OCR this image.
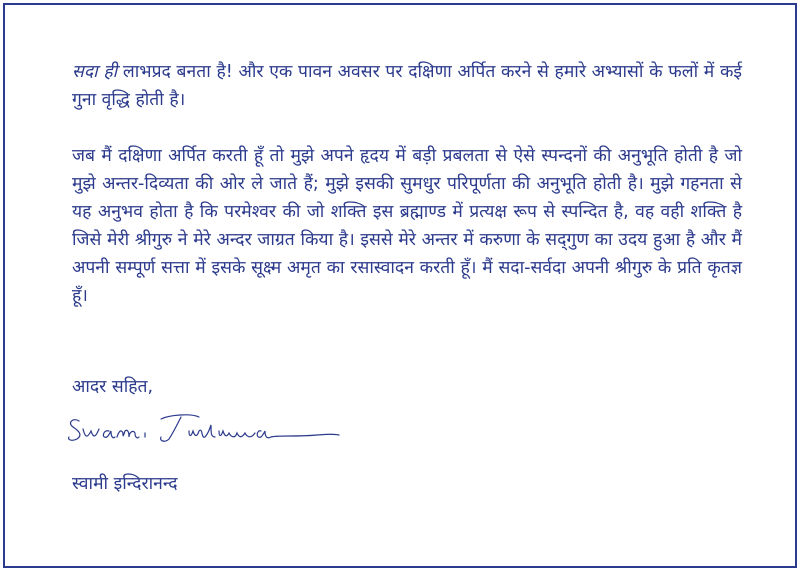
सदा ही लाभप्रद बनता है! और एक पावन अवसर पर दक्षिणा अर्पित करने से हमारे अभ्यासों के फलों में कई गुना वृद्धि होती है।
जब मैं दक्षिणा अर्पित करती हूँ तो मुझे अपने हृदय में बड़ी प्रबलता से ऐसे स्पन्दनों की अनुभूति होती है जो मुझे अन्तर-दिव्यता की ओर ले जाते हैं; मुझे इसकी सुमधुर परिपूर्णता की अनुभूति होती है। मुझे गहनता से यह अनुभव होता है कि परमेश्वर की जो शक्ति इस ब्रह्माण्ड में प्रत्यक्ष रूप से स्पन्दित है, वह वही शक्ति है जिसे मेरी श्रीगुरु ने मेरे अन्दर जाग्रत किया है। इससे मेरे अन्तर में करुणा के सद्‌गुण का उदय हुआ है और मैं अपनी सम्पूर्ण सत्ता में इसके सूक्ष्म अमृत का रसास्वादन करती हूँ। मैं सदा-सर्वदा अपनी श्रीगुरु के प्रति कृतज्ञ हूँ।
आदर सहित,
स्वामी इन्दिरानन्द
